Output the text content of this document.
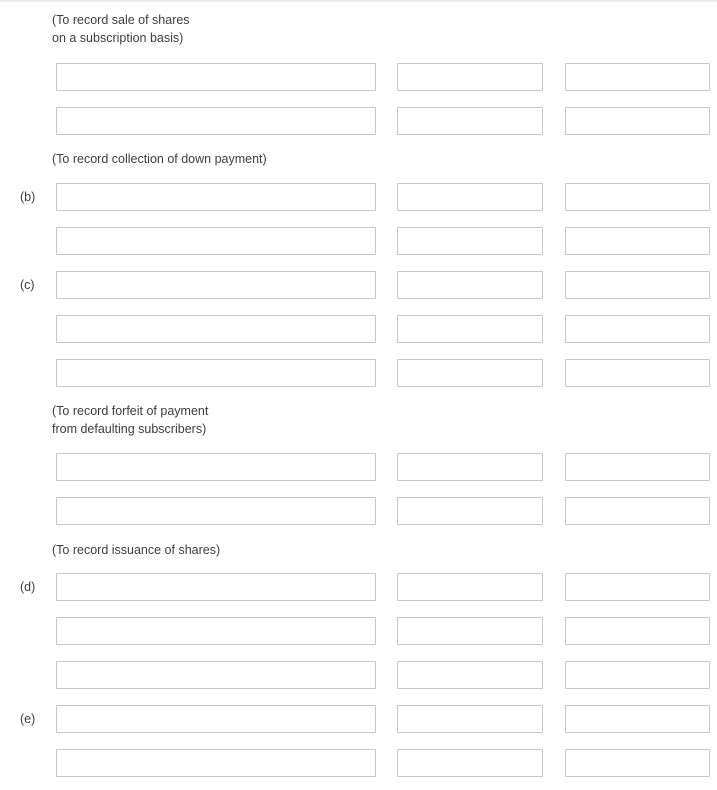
(To record sale of shares
on a subscription basis)
(To record collection of down payment)
(b)
(c)
(To record forfeit of payment
from defaulting subscribers)
(To record issuance of shares)
(d)
(e)
